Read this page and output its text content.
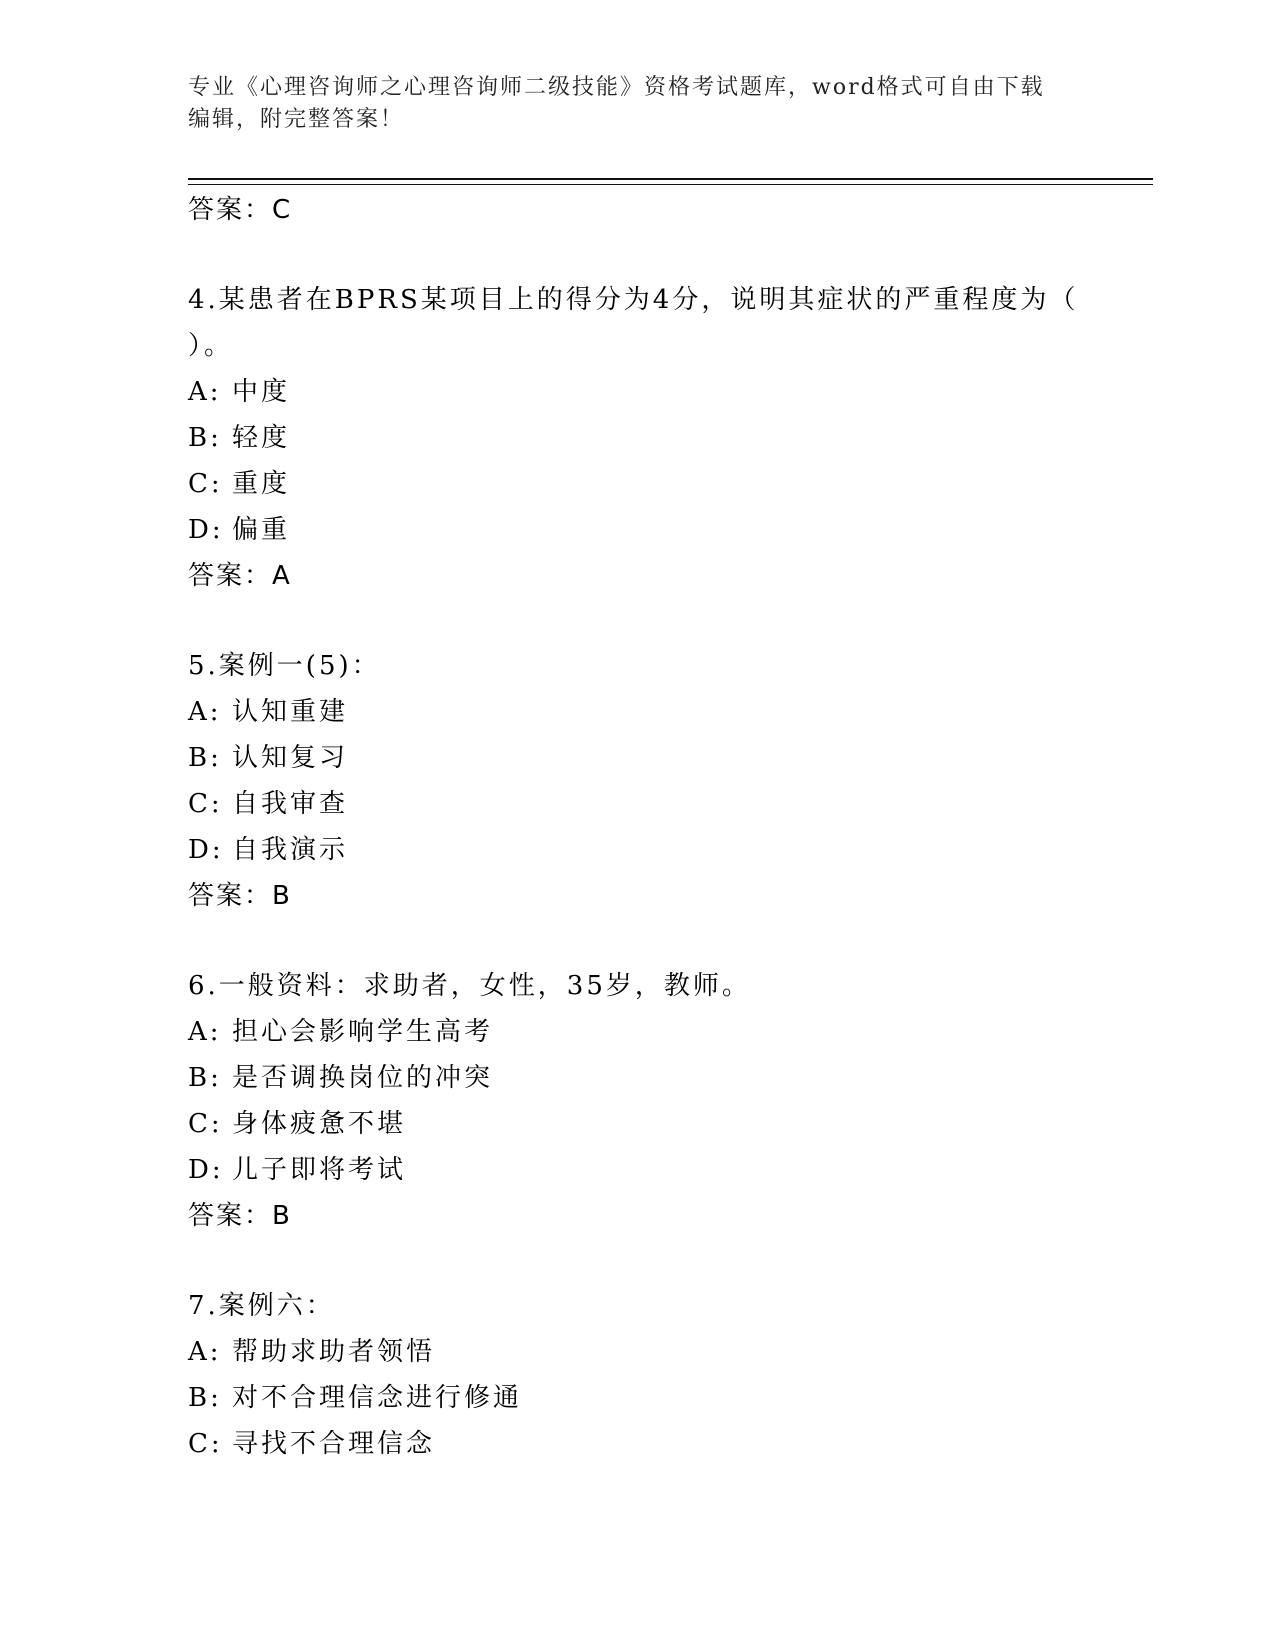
专业《心理咨询师之心理咨询师二级技能》资格考试题库，word格式可自由下载
编辑，附完整答案！
答案：C
4.某患者在BPRS某项目上的得分为4分，说明其症状的严重程度为（
）。
A: 中度
B: 轻度
C: 重度
D: 偏重
答案：A
5.案例一(5)：
A: 认知重建
B: 认知复习
C: 自我审查
D: 自我演示
答案：B
6.一般资料：求助者，女性，35岁，教师。
A: 担心会影响学生高考
B: 是否调换岗位的冲突
C: 身体疲惫不堪
D: 儿子即将考试
答案：B
7.案例六：
A: 帮助求助者领悟
B: 对不合理信念进行修通
C: 寻找不合理信念
